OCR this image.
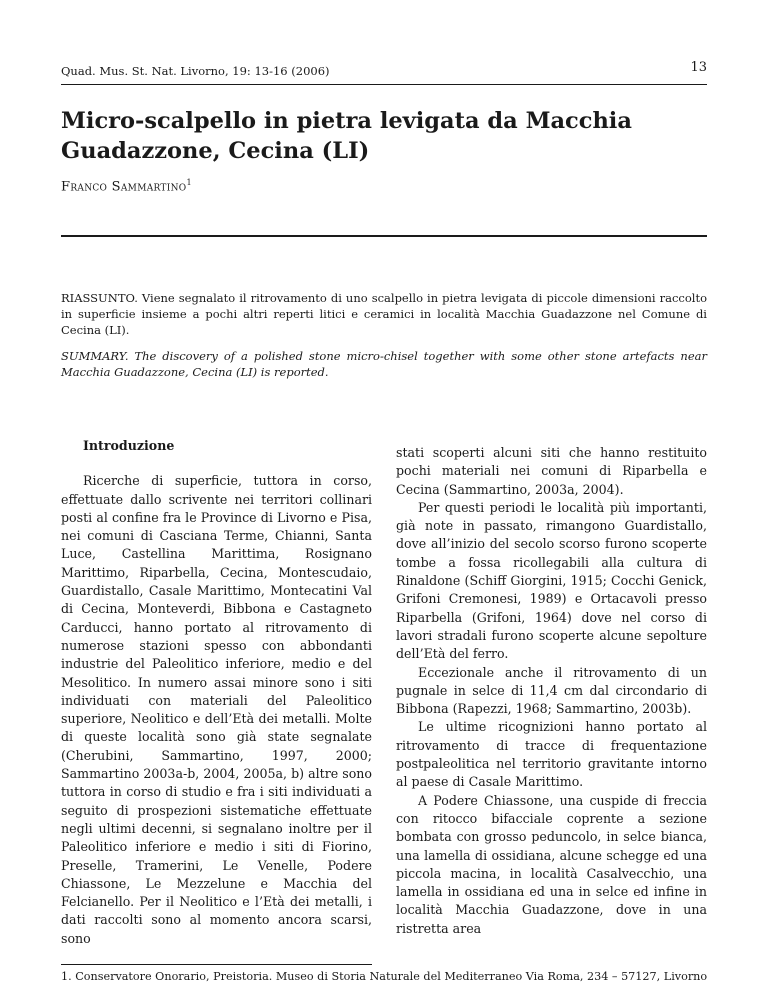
Quad. Mus. St. Nat. Livorno, 19: 13-16 (2006)	13
Micro-scalpello in pietra levigata da Macchia Guadazzone, Cecina (LI)
Franco Sammartino$^1$

RIASSUNTO. Viene segnalato il ritrovamento di uno scalpello in pietra levigata di piccole dimensioni raccolto in superficie insieme a pochi altri reperti litici e ceramici in località Macchia Guadazzone nel Comune di Cecina (LI).

SUMMARY. The discovery of a polished stone micro-chisel together with some other stone artefacts near Macchia Guadazzone, Cecina (LI) is reported.

Introduzione

Ricerche di superficie, tuttora in corso, effettuate dallo scrivente nei territori collinari posti al confine fra le Province di Livorno e Pisa, nei comuni di Casciana Terme, Chianni, Santa Luce, Castellina Marittima, Rosignano Marittimo, Riparbella, Cecina, Montescudaio, Guardistallo, Casale Marittimo, Montecatini Val di Cecina, Monteverdi, Bibbona e Castagneto Carducci, hanno portato al ritrovamento di numerose stazioni spesso con abbondanti industrie del Paleolitico inferiore, medio e del Mesolitico. In numero assai minore sono i siti individuati con materiali del Paleolitico superiore, Neolitico e dell’Età dei metalli. Molte di queste località sono già state segnalate (Cherubini, Sammartino, 1997, 2000; Sammartino 2003a-b, 2004, 2005a, b) altre sono tuttora in corso di studio e fra i siti individuati a seguito di prospezioni sistematiche effettuate negli ultimi decenni, si segnalano inoltre per il Paleolitico inferiore e medio i siti di Fiorino, Preselle, Tramerini, Le Venelle, Podere Chiassone, Le Mezzelune e Macchia del Felcianello. Per il Neolitico e l’Età dei metalli, i dati raccolti sono al momento ancora scarsi, sono

stati scoperti alcuni siti che hanno restituito pochi materiali nei comuni di Riparbella e Cecina (Sammartino, 2003a, 2004).

Per questi periodi le località più importanti, già note in passato, rimangono Guardistallo, dove all’inizio del secolo scorso furono scoperte tombe a fossa ricollegabili alla cultura di Rinaldone (Schiff Giorgini, 1915; Cocchi Genick, Grifoni Cremonesi, 1989) e Ortacavoli presso Riparbella (Grifoni, 1964) dove nel corso di lavori stradali furono scoperte alcune sepolture dell’Età del ferro.

Eccezionale anche il ritrovamento di un pugnale in selce di 11,4 cm dal circondario di Bibbona (Rapezzi, 1968; Sammartino, 2003b).

Le ultime ricognizioni hanno portato al ritrovamento di tracce di frequentazione postpaleolitica nel territorio gravitante intorno al paese di Casale Marittimo.

A Podere Chiassone, una cuspide di freccia con ritocco bifacciale coprente a sezione bombata con grosso peduncolo, in selce bianca, una lamella di ossidiana, alcune schegge ed una piccola macina, in località Casalvecchio, una lamella in ossidiana ed una in selce ed infine in località Macchia Guadazzone, dove in una ristretta area

1. Conservatore Onorario, Preistoria. Museo di Storia Naturale del Mediterraneo Via Roma, 234 – 57127, Livorno
